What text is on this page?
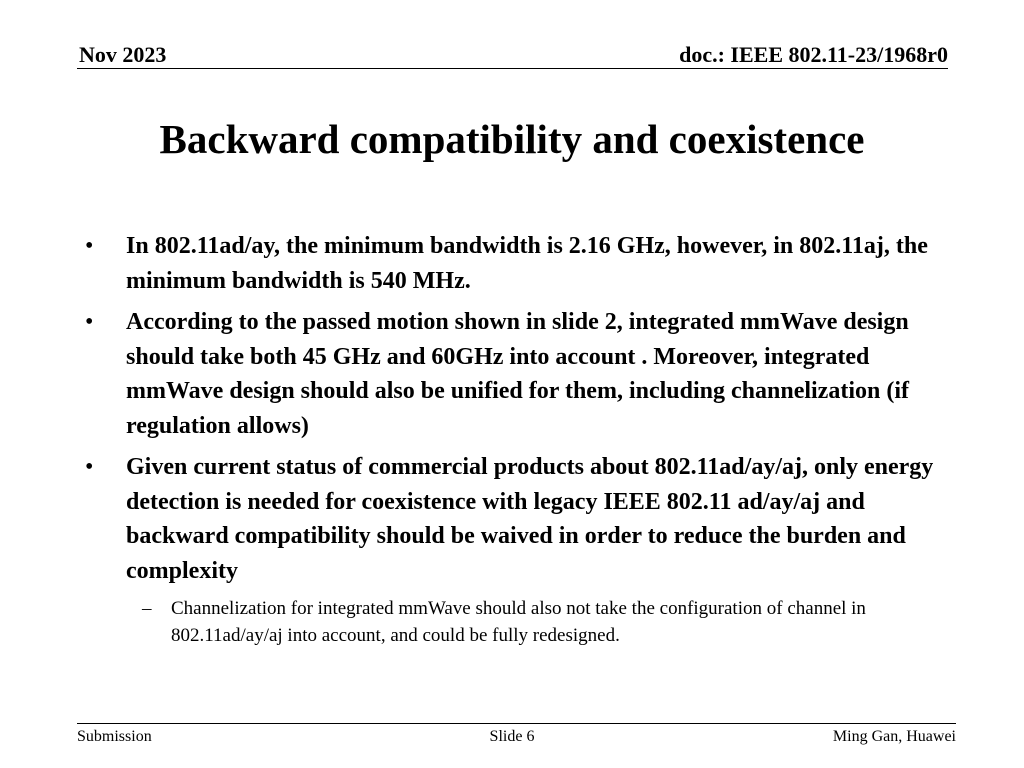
Nov 2023	doc.: IEEE 802.11-23/1968r0
Backward compatibility and coexistence
• In 802.11ad/ay, the minimum bandwidth is 2.16 GHz, however, in 802.11aj, the minimum bandwidth is 540 MHz.
• According to the passed motion shown in slide 2, integrated mmWave design should take both 45 GHz and 60GHz into account . Moreover, integrated mmWave design should also be unified for them, including channelization (if regulation allows)
• Given current status of commercial products about 802.11ad/ay/aj, only energy detection is needed for coexistence with legacy IEEE 802.11 ad/ay/aj and backward compatibility should be waived in order to reduce the burden and complexity
– Channelization for integrated mmWave should also not take the configuration of channel in 802.11ad/ay/aj into account, and could be fully redesigned.
Submission	Slide 6	Ming Gan, Huawei
